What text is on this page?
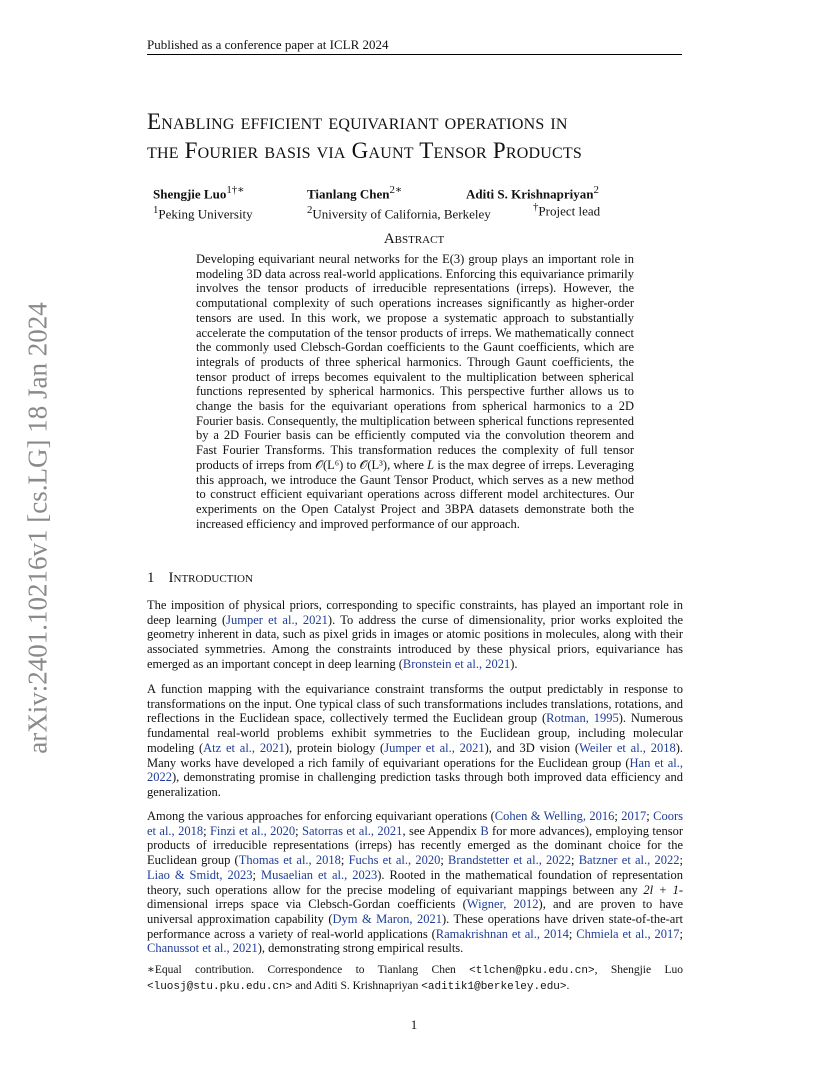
Published as a conference paper at ICLR 2024
Enabling efficient equivariant operations in
the Fourier basis via Gaunt Tensor Products
Shengjie Luo$^{1\dagger∗}$
$^1$Peking University
Tianlang Chen$^{2∗}$
$^2$University of California, Berkeley
Aditi S. Krishnapriyan$^2$
†Project lead
Abstract
Developing equivariant neural networks for the E(3) group plays an important role in modeling 3D data across real-world applications. Enforcing this equivariance primarily involves the tensor products of irreducible representations (irreps). However, the computational complexity of such operations increases significantly as higher-order tensors are used. In this work, we propose a systematic approach to substantially accelerate the computation of the tensor products of irreps. We mathematically connect the commonly used Clebsch-Gordan coefficients to the Gaunt coefficients, which are integrals of products of three spherical harmonics. Through Gaunt coefficients, the tensor product of irreps becomes equivalent to the multiplication between spherical functions represented by spherical harmonics. This perspective further allows us to change the basis for the equivariant operations from spherical harmonics to a 2D Fourier basis. Consequently, the multiplication between spherical functions represented by a 2D Fourier basis can be efficiently computed via the convolution theorem and Fast Fourier Transforms. This transformation reduces the complexity of full tensor products of irreps from 𝒪(L⁶) to 𝒪(L³), where L is the max degree of irreps. Leveraging this approach, we introduce the Gaunt Tensor Product, which serves as a new method to construct efficient equivariant operations across different model architectures. Our experiments on the Open Catalyst Project and 3BPA datasets demonstrate both the increased efficiency and improved performance of our approach.
1 Introduction
The imposition of physical priors, corresponding to specific constraints, has played an important role in deep learning (Jumper et al., 2021). To address the curse of dimensionality, prior works exploited the geometry inherent in data, such as pixel grids in images or atomic positions in molecules, along with their associated symmetries. Among the constraints introduced by these physical priors, equivariance has emerged as an important concept in deep learning (Bronstein et al., 2021).
A function mapping with the equivariance constraint transforms the output predictably in response to transformations on the input. One typical class of such transformations includes translations, rotations, and reflections in the Euclidean space, collectively termed the Euclidean group (Rotman, 1995). Numerous fundamental real-world problems exhibit symmetries to the Euclidean group, including molecular modeling (Atz et al., 2021), protein biology (Jumper et al., 2021), and 3D vision (Weiler et al., 2018). Many works have developed a rich family of equivariant operations for the Euclidean group (Han et al., 2022), demonstrating promise in challenging prediction tasks through both improved data efficiency and generalization.
Among the various approaches for enforcing equivariant operations (Cohen & Welling, 2016; 2017; Coors et al., 2018; Finzi et al., 2020; Satorras et al., 2021, see Appendix B for more advances), employing tensor products of irreducible representations (irreps) has recently emerged as the dominant choice for the Euclidean group (Thomas et al., 2018; Fuchs et al., 2020; Brandstetter et al., 2022; Batzner et al., 2022; Liao & Smidt, 2023; Musaelian et al., 2023). Rooted in the mathematical foundation of representation theory, such operations allow for the precise modeling of equivariant mappings between any 2l + 1-dimensional irreps space via Clebsch-Gordan coefficients (Wigner, 2012), and are proven to have universal approximation capability (Dym & Maron, 2021). These operations have driven state-of-the-art performance across a variety of real-world applications (Ramakrishnan et al., 2014; Chmiela et al., 2017; Chanussot et al., 2021), demonstrating strong empirical results.
∗Equal contribution. Correspondence to Tianlang Chen <tlchen@pku.edu.cn>, Shengjie Luo <luosj@stu.pku.edu.cn> and Aditi S. Krishnapriyan <aditik1@berkeley.edu>.
1
arXiv:2401.10216v1 [cs.LG] 18 Jan 2024
